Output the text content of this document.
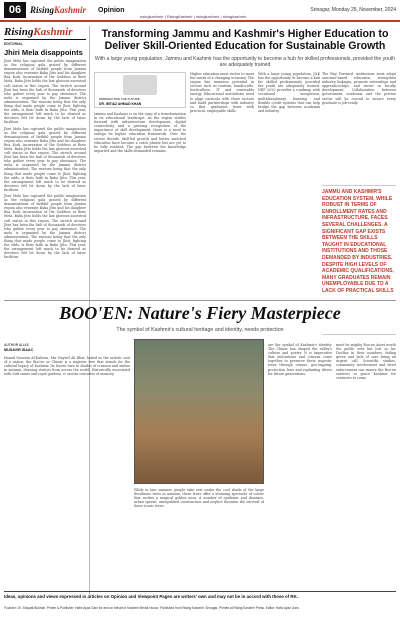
06 RisingKashmir Opinion	Srinagar, Monday 25, November, 2024
risingkashmir | RisingKashmir | risingkashmir | risingkashmir
RisingKashmir
EDITORIAL
Jhiri Mela disappoints
Jhiri Mela has captured the public imagination as the religious gala graced by different denominations of faithful people from Jammu region also venerate Baba Jitto and his daughter Bua Kodi, incarnation of the Goddess at their Mela. Baba Jitto holds the last glorious ancestral cult status in this region. The stretch around Jhiri has been the hub of thousands of devotees who gather every year to pay obeisance. The mela is organised by the Jammu district administration. The reasons being that the only thing that made people come to Jhiri, fighting the odds, is their faith in Baba Jitto. This year, the arrangement left much to be desired as devotees felt let down by the lack of basic facilities.
Jhiri Mela has captured the public imagination as the religious gala graced by different denominations of faithful people from Jammu region also venerate Baba Jitto and his daughter Bua Kodi, incarnation of the Goddess at their Mela. Baba Jitto holds the last glorious ancestral cult status in this region. The stretch around Jhiri has been the hub of thousands of devotees who gather every year to pay obeisance. The mela is organised by the Jammu district administration. The reasons being that the only thing that made people come to Jhiri, fighting the odds, is their faith in Baba Jitto. This year, the arrangement left much to be desired as devotees felt let down by the lack of basic facilities.
Jhiri Mela has captured the public imagination as the religious gala graced by different denominations of faithful people from Jammu region also venerate Baba Jitto and his daughter Bua Kodi, incarnation of the Goddess at their Mela. Baba Jitto holds the last glorious ancestral cult status in this region. The stretch around Jhiri has been the hub of thousands of devotees who gather every year to pay obeisance. The mela is organised by the Jammu district administration. The reasons being that the only thing that made people come to Jhiri, fighting the odds, is their faith in Baba Jitto. This year, the arrangement left much to be desired as devotees felt let down by the lack of basic facilities.
Transforming Jammu and Kashmir's Higher Education to Deliver Skill-Oriented Education for Sustainable Growth
With a large young population, Jammu and Kashmir has the opportunity to become a hub for skilled professionals, provided the youth are adequately trained
PERSPECTIVE THE FUTURE
DR. IMTIAZ AHMAD KHAN
Jammu and Kashmir is on the cusp of a transformation in its educational landscape. As the region strides forward with infrastructure development, digital connectivity and a growing recognition of the importance of skill development, there is a need to realign its higher education framework. Over the recent decade, skill-led growth and better matched education have become a catch phrase but are yet to be fully realised. The gap between the knowledge imparted and the skills demanded remains.
Higher education must evolve to meet the needs of a changing economy. The region has immense potential in sectors such as tourism, handicrafts, horticulture, IT and renewable energy. Educational institutions need to align curricula with these sectors and build partnerships with industry so that graduates leave with practical, employable skills.
With a large young population, J&K has the opportunity to become a hub for skilled professionals provided the youth are adequately trained. NEP 2020 provides a roadmap with vocational integration, multidisciplinary learning and flexible credit systems that can help bridge the gap between academia and industry.
The Way Forward: institutions must adopt outcome-based education, strengthen industry linkages, promote internships and apprenticeships, and invest in faculty development. Collaboration between government, academia and the private sector will be crucial to ensure every graduate is job-ready.
JAMMU AND KASHMIR'S EDUCATION SYSTEM, WHILE ROBUST IN TERMS OF ENROLLMENT RATES AND INFRASTRUCTURE, FACES SEVERAL CHALLENGES. A SIGNIFICANT GAP EXISTS BETWEEN THE SKILLS TAUGHT IN EDUCATIONAL INSTITUTIONS AND THOSE DEMANDED BY INDUSTRIES. DESPITE HIGH LEVELS OF ACADEMIC QUALIFICATIONS, MANY GRADUATES REMAIN UNEMPLOYABLE DUE TO A LACK OF PRACTICAL SKILLS
BOO'EN: Nature's Fiery Masterpiece
The symbol of Kashmir's cultural heritage and identity, needs protection
AUTHOR ALIAS
MUSAVIR ISAAC
Hamid Naseem Al-Kaleem, Mir Nayeef Ali Bhat, hailed as the artistic soul of a nation, the Boo'en or Chinar is a majestic tree that stands for the cultural legacy of Kashmir. Its leaves turn to shades of crimson and amber in autumn, drawing visitors from across the world. Historically associated with Sufi saints and royal gardens, it carries centuries of memory.
While in late summer, people take rest under the cool shade of the large deciduous trees in autumn, these trees offer a stunning spectacle of colour that evokes a magical golden aura. A number of epidemic and diseases, urban sprawl, unregulated construction and neglect threaten the survival of these iconic trees.
are the symbol of Kashmir's identity. The Chinar has shaped the valley's culture and poetry. It is imperative that institutions and citizens come together to preserve these majestic trees through census, geo-tagging, protection laws and replanting drives for future generations.
must be mighty Boo'en Asset worth the public over but lost so far. Decline in their numbers, fading green and lack of care bring an urgent call. Scientific studies, community involvement and strict enforcement can ensure the Boo'en survives to grace Kashmir for centuries to come.
Ideas, opinions and views expressed in articles on Opinion and Viewpoint Pages are writers' own and may not be in accord with those of RK.
Founder: Dr. Shujaat Bukhari. Printer & Publisher: Hafiz Ayaz Gani for and on behalf of Kashmir Media House. Published from Rising Kashmir, Srinagar. Printed at Rising Kashmir Press. Editor: Hafiz Ayaz Gani.
